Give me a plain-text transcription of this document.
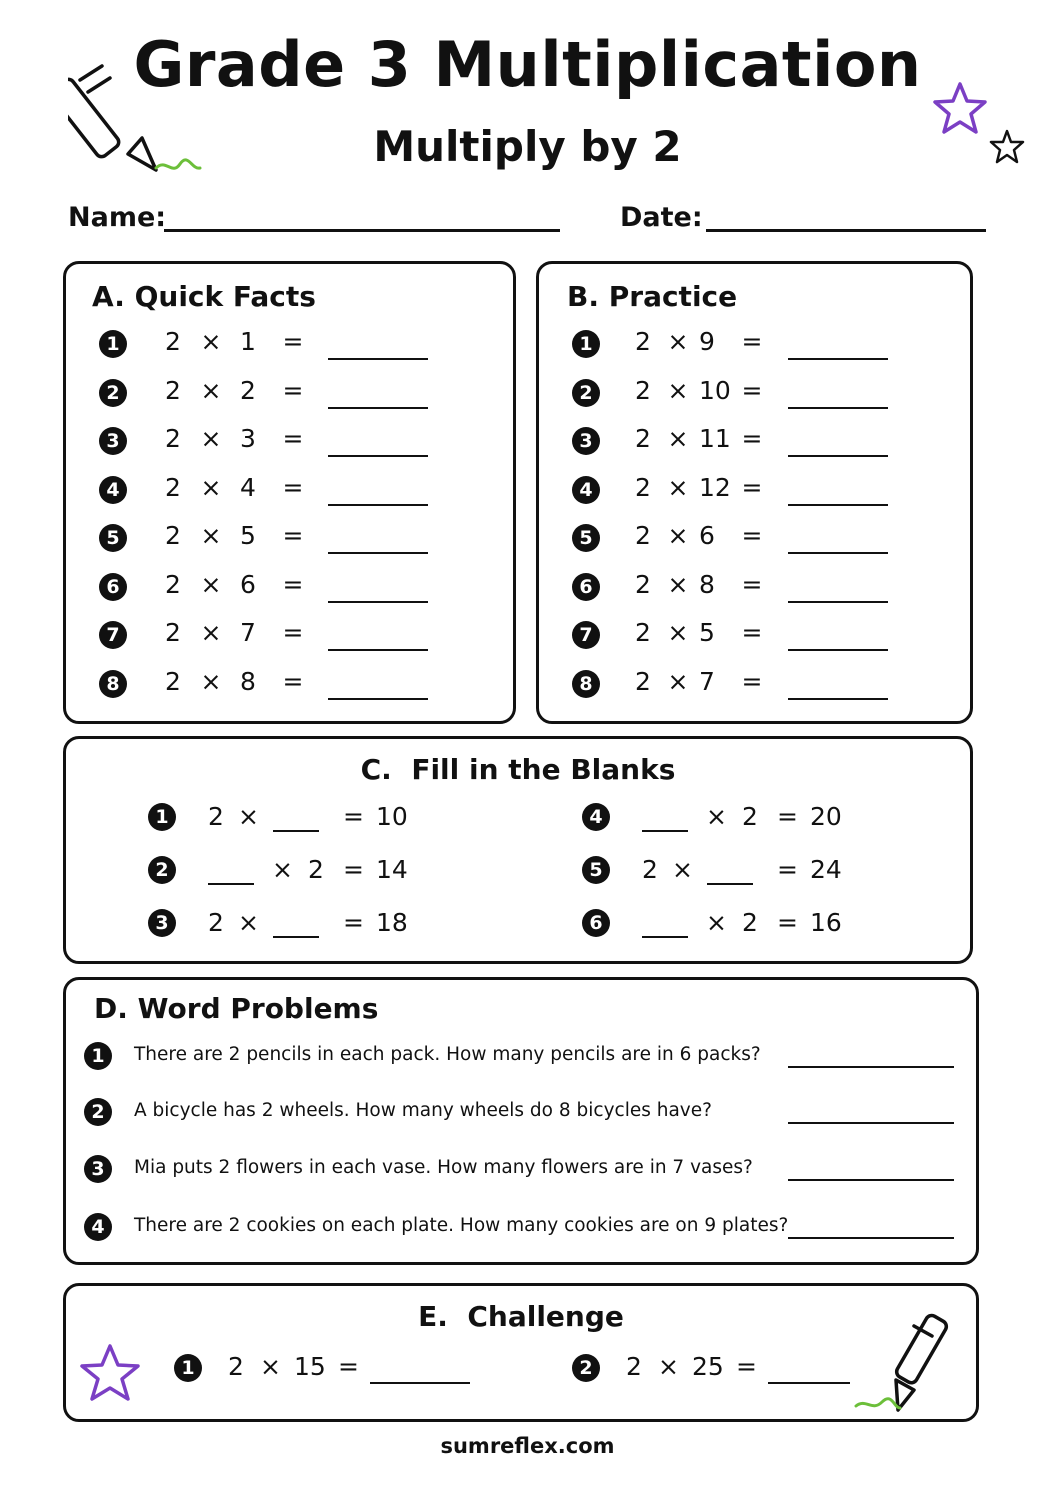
Grade 3 Multiplication
Multiply by 2
Name:	Date:
A. Quick Facts
1 2 × 1 =
2 2 × 2 =
3 2 × 3 =
4 2 × 4 =
5 2 × 5 =
6 2 × 6 =
7 2 × 7 =
8 2 × 8 =
B. Practice
1 2 × 9 =
2 2 × 10 =
3 2 × 11 =
4 2 × 12 =
5 2 × 6 =
6 2 × 8 =
7 2 × 5 =
8 2 × 7 =
C. Fill in the Blanks
1 2 ×	= 10
2	× 2 = 14
3 2 ×	= 18
4	× 2 = 20
5 2 ×	= 24
6	× 2 = 16
D. Word Problems
1	There are 2 pencils in each pack. How many pencils are in 6 packs?
2	A bicycle has 2 wheels. How many wheels do 8 bicycles have?
3	Mia puts 2 flowers in each vase. How many flowers are in 7 vases?
4	There are 2 cookies on each plate. How many cookies are on 9 plates?
E. Challenge
1 2 × 15 =	2 2 × 25 =
sumreflex.com
